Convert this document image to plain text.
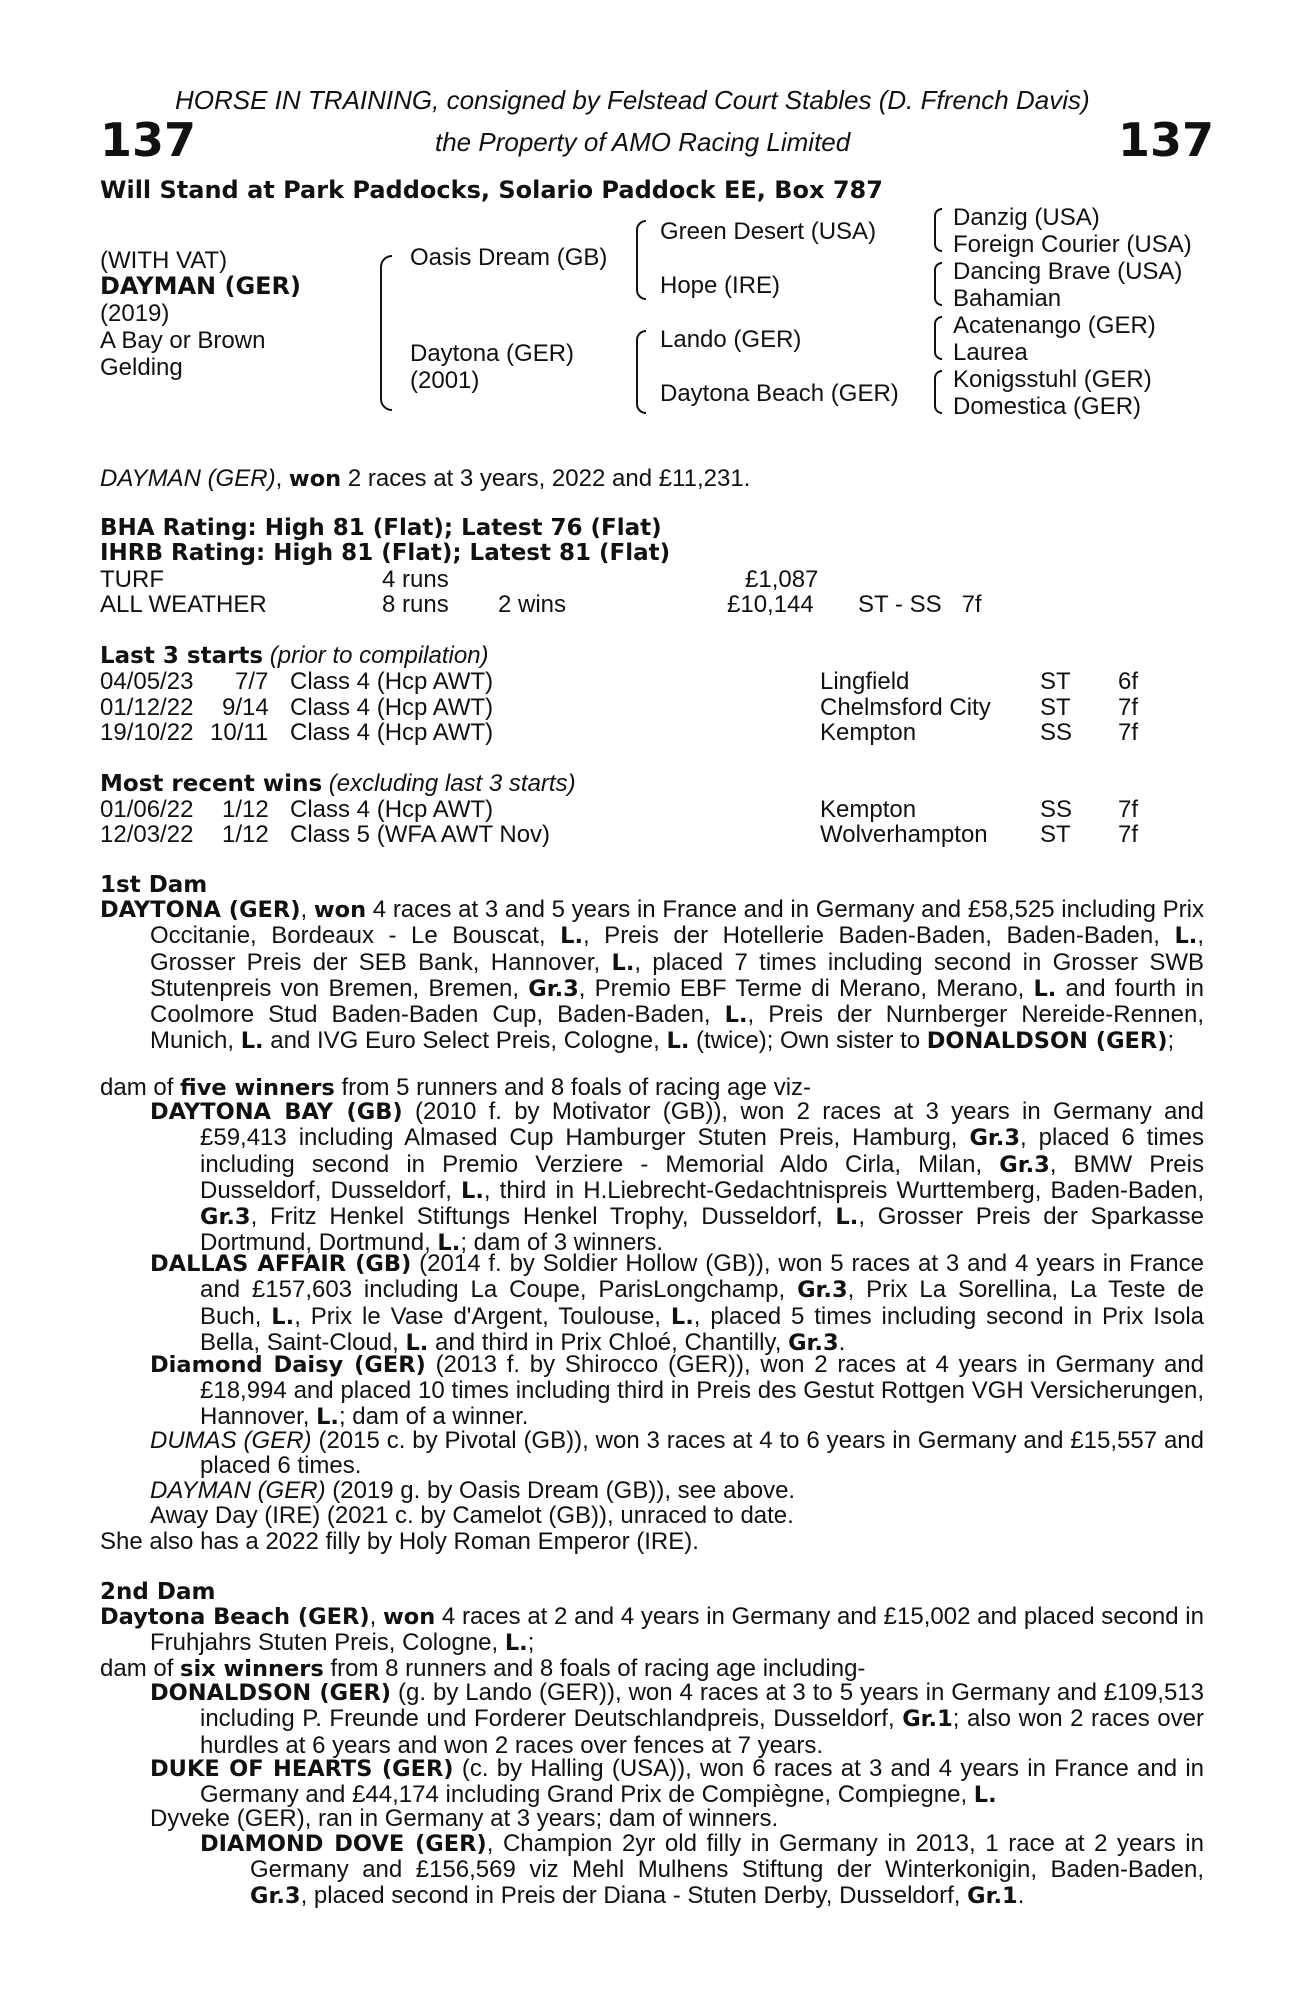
HORSE IN TRAINING, consigned by Felstead Court Stables (D. Ffrench Davis)
137	the Property of AMO Racing Limited	137
Will Stand at Park Paddocks, Solario Paddock EE, Box 787
(WITH VAT)
DAYMAN (GER)
(2019)
A Bay or Brown
Gelding
Oasis Dream (GB)
Daytona (GER)
(2001)
Green Desert (USA)
Hope (IRE)
Lando (GER)
Daytona Beach (GER)
Danzig (USA)
Foreign Courier (USA)
Dancing Brave (USA)
Bahamian
Acatenango (GER)
Laurea
Konigsstuhl (GER)
Domestica (GER)
DAYMAN (GER), won 2 races at 3 years, 2022 and £11,231.
BHA Rating: High 81 (Flat); Latest 76 (Flat)
IHRB Rating: High 81 (Flat); Latest 81 (Flat)
TURF	4 runs	£1,087
ALL WEATHER	8 runs 2 wins	£10,144 ST - SS   7f
Last 3 starts (prior to compilation)
04/05/23 7/7 Class 4 (Hcp AWT)	Lingfield	ST 6f
01/12/22 9/14 Class 4 (Hcp AWT)	Chelmsford City ST 7f
19/10/22 10/11 Class 4 (Hcp AWT)	Kempton	SS 7f
Most recent wins (excluding last 3 starts)
01/06/22 1/12 Class 4 (Hcp AWT)	Kempton	SS 7f
12/03/22 1/12 Class 5 (WFA AWT Nov)	Wolverhampton ST 7f
1st Dam
DAYTONA (GER), won 4 races at 3 and 5 years in France and in Germany and £58,525 including Prix Occitanie, Bordeaux - Le Bouscat, L., Preis der Hotellerie Baden-Baden, Baden-Baden, L., Grosser Preis der SEB Bank, Hannover, L., placed 7 times including second in Grosser SWB Stutenpreis von Bremen, Bremen, Gr.3, Premio EBF Terme di Merano, Merano, L. and fourth in Coolmore Stud Baden-Baden Cup, Baden-Baden, L., Preis der Nurnberger Nereide-Rennen, Munich, L. and IVG Euro Select Preis, Cologne, L. (twice); Own sister to DONALDSON (GER);
dam of five winners from 5 runners and 8 foals of racing age viz-
DAYTONA BAY (GB) (2010 f. by Motivator (GB)), won 2 races at 3 years in Germany and £59,413 including Almased Cup Hamburger Stuten Preis, Hamburg, Gr.3, placed 6 times including second in Premio Verziere - Memorial Aldo Cirla, Milan, Gr.3, BMW Preis Dusseldorf, Dusseldorf, L., third in H.Liebrecht-Gedachtnispreis Wurttemberg, Baden-Baden, Gr.3, Fritz Henkel Stiftungs Henkel Trophy, Dusseldorf, L., Grosser Preis der Sparkasse Dortmund, Dortmund, L.; dam of 3 winners.
DALLAS AFFAIR (GB) (2014 f. by Soldier Hollow (GB)), won 5 races at 3 and 4 years in France and £157,603 including La Coupe, ParisLongchamp, Gr.3, Prix La Sorellina, La Teste de Buch, L., Prix le Vase d'Argent, Toulouse, L., placed 5 times including second in Prix Isola Bella, Saint-Cloud, L. and third in Prix Chloé, Chantilly, Gr.3.
Diamond Daisy (GER) (2013 f. by Shirocco (GER)), won 2 races at 4 years in Germany and £18,994 and placed 10 times including third in Preis des Gestut Rottgen VGH Versicherungen, Hannover, L.; dam of a winner.
DUMAS (GER) (2015 c. by Pivotal (GB)), won 3 races at 4 to 6 years in Germany and £15,557 and placed 6 times.
DAYMAN (GER) (2019 g. by Oasis Dream (GB)), see above.
Away Day (IRE) (2021 c. by Camelot (GB)), unraced to date.
She also has a 2022 filly by Holy Roman Emperor (IRE).
2nd Dam
Daytona Beach (GER), won 4 races at 2 and 4 years in Germany and £15,002 and placed second in Fruhjahrs Stuten Preis, Cologne, L.;
dam of six winners from 8 runners and 8 foals of racing age including-
DONALDSON (GER) (g. by Lando (GER)), won 4 races at 3 to 5 years in Germany and £109,513 including P. Freunde und Forderer Deutschlandpreis, Dusseldorf, Gr.1; also won 2 races over hurdles at 6 years and won 2 races over fences at 7 years.
DUKE OF HEARTS (GER) (c. by Halling (USA)), won 6 races at 3 and 4 years in France and in Germany and £44,174 including Grand Prix de Compiègne, Compiegne, L.
Dyveke (GER), ran in Germany at 3 years; dam of winners.
DIAMOND DOVE (GER), Champion 2yr old filly in Germany in 2013, 1 race at 2 years in Germany and £156,569 viz Mehl Mulhens Stiftung der Winterkonigin, Baden-Baden, Gr.3, placed second in Preis der Diana - Stuten Derby, Dusseldorf, Gr.1.
